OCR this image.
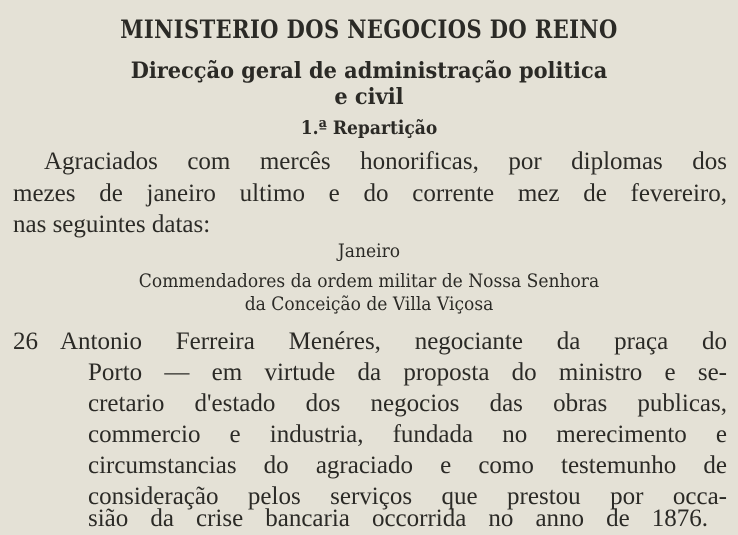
MINISTERIO DOS NEGOCIOS DO REINO
Direcção geral de administração politica
e civil
1.ª Repartição
Agraciados com mercês honorificas, por diplomas dos
mezes de janeiro ultimo e do corrente mez de fevereiro,
nas seguintes datas:
Janeiro
Commendadores da ordem militar de Nossa Senhora
da Conceição de Villa Viçosa
26 Antonio Ferreira Menéres, negociante da praça do
Porto — em virtude da proposta do ministro e se-
cretario d'estado dos negocios das obras publicas,
commercio e industria, fundada no merecimento e
circumstancias do agraciado e como testemunho de
consideração pelos serviços que prestou por occa-
sião da crise bancaria occorrida no anno de 1876.
